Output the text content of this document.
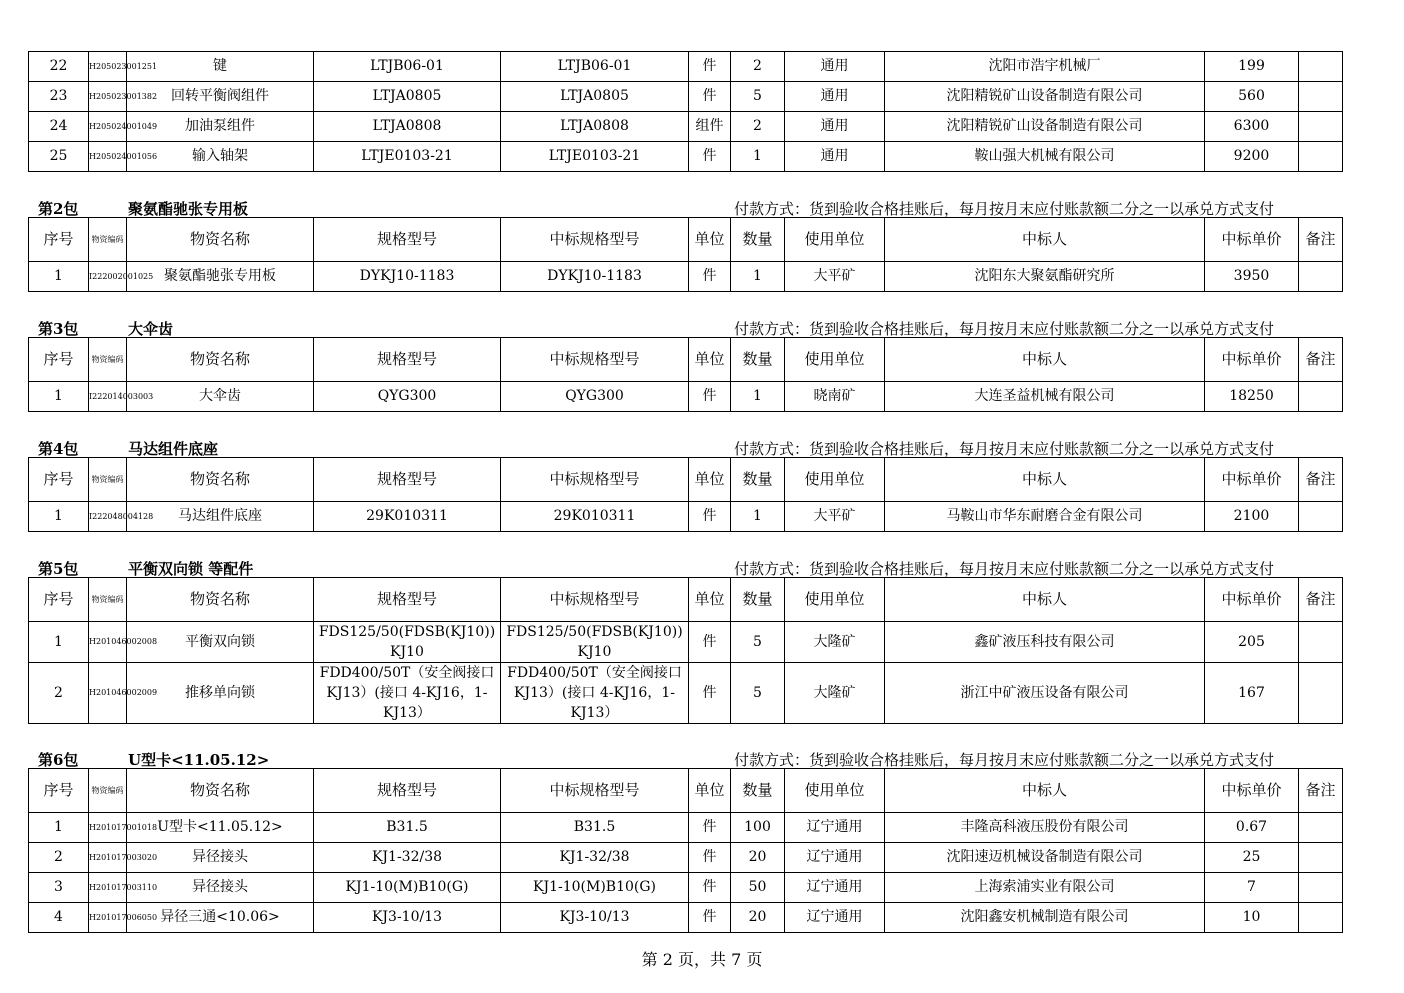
22	H205023001251	键	LTJB06-01	LTJB06-01	件	2	通用	沈阳市浩宇机械厂	199	
23	H205023001382	回转平衡阀组件	LTJA0805	LTJA0805	件	5	通用	沈阳精锐矿山设备制造有限公司	560	
24	H205024001049	加油泵组件	LTJA0808	LTJA0808	组件	2	通用	沈阳精锐矿山设备制造有限公司	6300	
25	H205024001056	输入轴架	LTJE0103-21	LTJE0103-21	件	1	通用	鞍山强大机械有限公司	9200	
第2包	聚氨酯驰张专用板	付款方式：货到验收合格挂账后，每月按月末应付账款额二分之一以承兑方式支付
序号	物资编码	物资名称	规格型号	中标规格型号	单位	数量	使用单位	中标人	中标单价	备注
1	I222002001025	聚氨酯驰张专用板	DYKJ10-1183	DYKJ10-1183	件	1	大平矿	沈阳东大聚氨酯研究所	3950	
第3包	大伞齿	付款方式：货到验收合格挂账后，每月按月末应付账款额二分之一以承兑方式支付
序号	物资编码	物资名称	规格型号	中标规格型号	单位	数量	使用单位	中标人	中标单价	备注
1	I222014003003	大伞齿	QYG300	QYG300	件	1	晓南矿	大连圣益机械有限公司	18250	
第4包	马达组件底座	付款方式：货到验收合格挂账后，每月按月末应付账款额二分之一以承兑方式支付
序号	物资编码	物资名称	规格型号	中标规格型号	单位	数量	使用单位	中标人	中标单价	备注
1	I222048004128	马达组件底座	29K010311	29K010311	件	1	大平矿	马鞍山市华东耐磨合金有限公司	2100	
第5包	平衡双向锁 等配件	付款方式：货到验收合格挂账后，每月按月末应付账款额二分之一以承兑方式支付
序号	物资编码	物资名称	规格型号	中标规格型号	单位	数量	使用单位	中标人	中标单价	备注
1	H201046002008	平衡双向锁	FDS125/50(FDSB(KJ10)) KJ10	FDS125/50(FDSB(KJ10)) KJ10	件	5	大隆矿	鑫矿液压科技有限公司	205	
2	H201046002009	推移单向锁	FDD400/50T（安全阀接口 KJ13）(接口 4-KJ16，1-KJ13）	FDD400/50T（安全阀接口 KJ13）(接口 4-KJ16，1-KJ13）	件	5	大隆矿	浙江中矿液压设备有限公司	167	
第6包	U型卡<11.05.12>	付款方式：货到验收合格挂账后，每月按月末应付账款额二分之一以承兑方式支付
序号	物资编码	物资名称	规格型号	中标规格型号	单位	数量	使用单位	中标人	中标单价	备注
1	H201017001018	U型卡<11.05.12>	B31.5	B31.5	件	100	辽宁通用	丰隆高科液压股份有限公司	0.67	
2	H201017003020	异径接头	KJ1-32/38	KJ1-32/38	件	20	辽宁通用	沈阳速迈机械设备制造有限公司	25	
3	H201017003110	异径接头	KJ1-10(M)B10(G)	KJ1-10(M)B10(G)	件	50	辽宁通用	上海索浦实业有限公司	7	
4	H201017006050	异径三通<10.06>	KJ3-10/13	KJ3-10/13	件	20	辽宁通用	沈阳鑫安机械制造有限公司	10	
第 2 页，共 7 页
